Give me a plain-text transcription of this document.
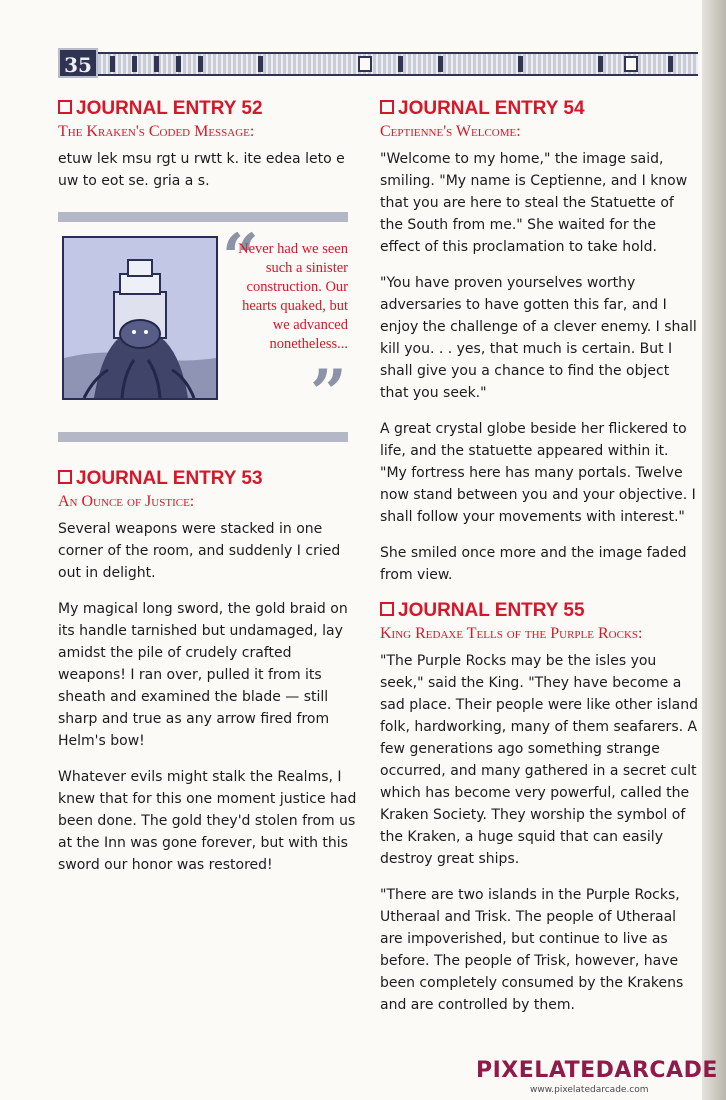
35
JOURNAL ENTRY 52
The Kraken's Coded Message:

etuw lek msu rgt u rwtt k. ite edea leto e uw to eot se. gria a s.

“
Never had we seen such a sinister construction. Our hearts quaked, but we advanced nonetheless...
”
JOURNAL ENTRY 53
An Ounce of Justice:

Several weapons were stacked in one corner of the room, and suddenly I cried out in delight.

My magical long sword, the gold braid on its handle tarnished but undamaged, lay amidst the pile of crudely crafted weapons! I ran over, pulled it from its sheath and examined the blade — still sharp and true as any arrow fired from Helm's bow!

Whatever evils might stalk the Realms, I knew that for this one moment justice had been done. The gold they'd stolen from us at the Inn was gone forever, but with this sword our honor was restored!

JOURNAL ENTRY 54
Ceptienne's Welcome:

"Welcome to my home," the image said, smiling. "My name is Ceptienne, and I know that you are here to steal the Statuette of the South from me." She waited for the effect of this proclamation to take hold.

"You have proven yourselves worthy adversaries to have gotten this far, and I enjoy the challenge of a clever enemy. I shall kill you. . . yes, that much is certain. But I shall give you a chance to find the object that you seek."

A great crystal globe beside her flickered to life, and the statuette appeared within it. "My fortress here has many portals. Twelve now stand between you and your objective. I shall follow your movements with interest."

She smiled once more and the image faded from view.

JOURNAL ENTRY 55
King Redaxe Tells of the Purple Rocks:

"The Purple Rocks may be the isles you seek," said the King. "They have become a sad place. Their people were like other island folk, hardworking, many of them seafarers. A few generations ago something strange occurred, and many gathered in a secret cult which has become very powerful, called the Kraken Society. They worship the symbol of the Kraken, a huge squid that can easily destroy great ships.

"There are two islands in the Purple Rocks, Utheraal and Trisk. The people of Utheraal are impoverished, but continue to live as before. The people of Trisk, however, have been completely consumed by the Krakens and are controlled by them.

PIXELATEDARCADE
www.pixelatedarcade.com
